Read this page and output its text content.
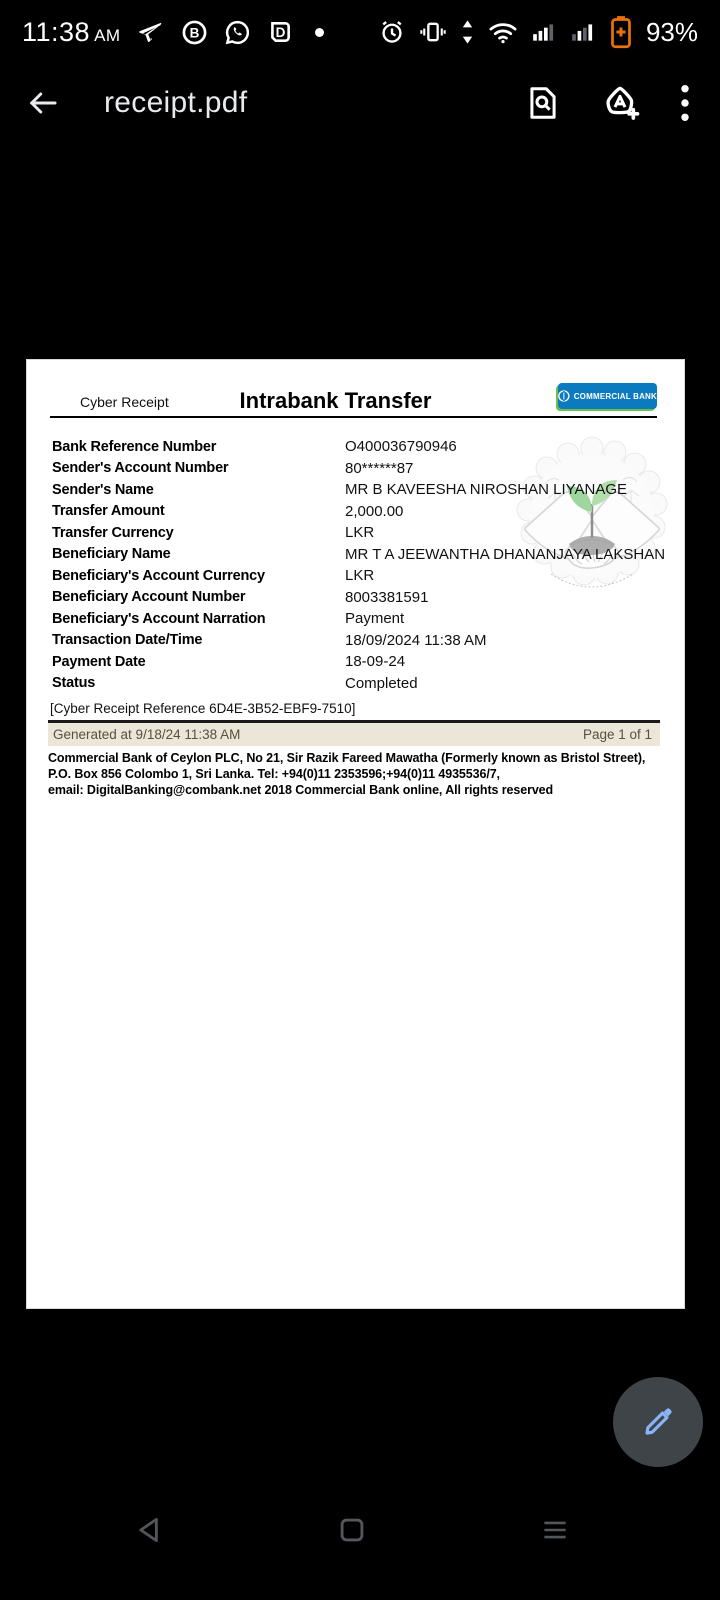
11:38 AM	B	D	93%
receipt.pdf
Cyber Receipt	Intrabank Transfer	COMMERCIAL BANK
Bank Reference Number	O400036790946
Sender's Account Number	80******87
Sender's Name	MR B KAVEESHA NIROSHAN LIYANAGE
Transfer Amount	2,000.00
Transfer Currency	LKR
Beneficiary Name	MR T A JEEWANTHA DHANANJAYA LAKSHAN
Beneficiary's Account Currency	LKR
Beneficiary Account Number	8003381591
Beneficiary's Account Narration	Payment
Transaction Date/Time	18/09/2024 11:38 AM
Payment Date	18-09-24
Status	Completed
[Cyber Receipt Reference 6D4E-3B52-EBF9-7510]
Generated at 9/18/24 11:38 AM	Page 1 of 1
Commercial Bank of Ceylon PLC, No 21, Sir Razik Fareed Mawatha (Formerly known as Bristol Street),
P.O. Box 856 Colombo 1, Sri Lanka. Tel: +94(0)11 2353596;+94(0)11 4935536/7,
email: DigitalBanking@combank.net 2018 Commercial Bank online, All rights reserved
